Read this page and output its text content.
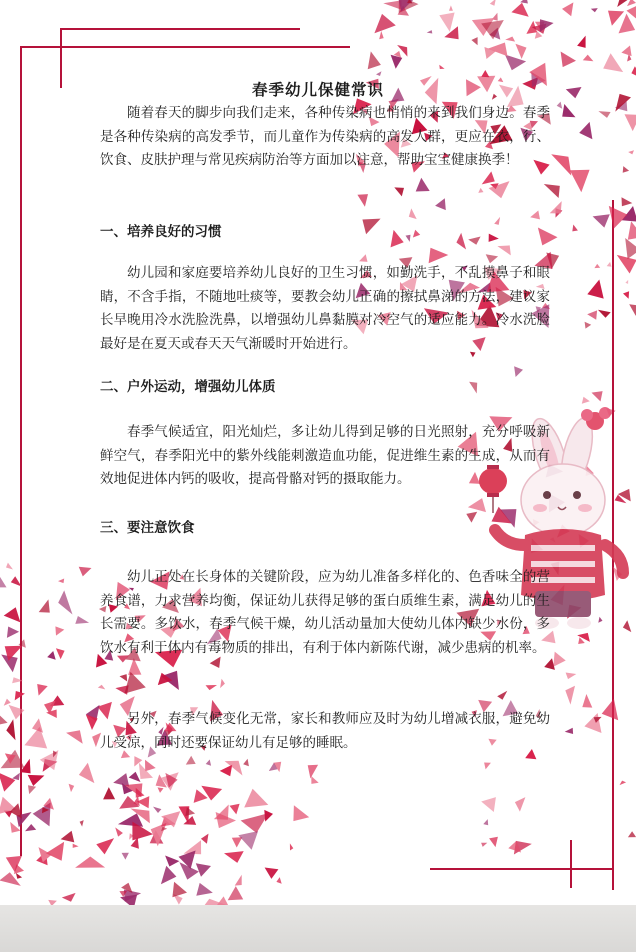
春季幼儿保健常识

随着春天的脚步向我们走来，各种传染病也悄悄的来到我们身边。春季是各种传染病的高发季节，而儿童作为传染病的高发人群，更应在衣，行、饮食、皮肤护理与常见疾病防治等方面加以注意，帮助宝宝健康换季！

一、培养良好的习惯

幼儿园和家庭要培养幼儿良好的卫生习惯，如勤洗手，不乱摸鼻子和眼睛，不含手指，不随地吐痰等，要教会幼儿正确的擦拭鼻涕的方法，建议家长早晚用冷水洗脸洗鼻，以增强幼儿鼻黏膜对冷空气的适应能力。冷水洗脸最好是在夏天或春天天气渐暖时开始进行。

二、户外运动，增强幼儿体质

春季气候适宜，阳光灿烂，多让幼儿得到足够的日光照射，充分呼吸新鲜空气，春季阳光中的紫外线能刺激造血功能，促进维生素的生成，从而有效地促进体内钙的吸收，提高骨骼对钙的摄取能力。

三、要注意饮食

幼儿正处在长身体的关键阶段，应为幼儿准备多样化的、色香味全的营养食谱，力求营养均衡，保证幼儿获得足够的蛋白质维生素，满足幼儿的生长需要。多饮水，春季气候干燥，幼儿活动量加大使幼儿体内缺少水份，多饮水有利于体内有毒物质的排出，有利于体内新陈代谢，减少患病的机率。

另外，春季气候变化无常，家长和教师应及时为幼儿增减衣服，避免幼儿受凉，同时还要保证幼儿有足够的睡眠。
